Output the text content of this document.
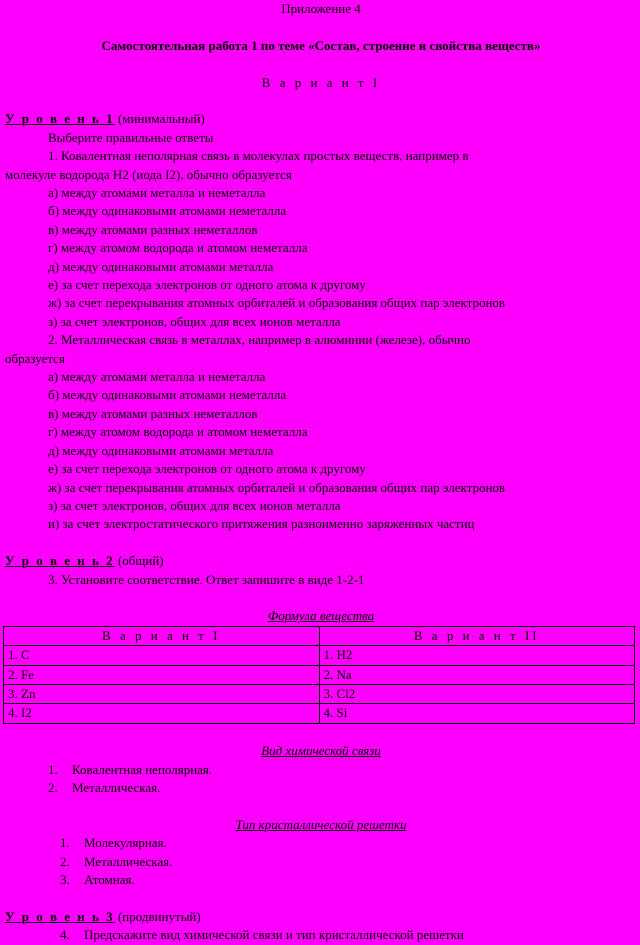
Приложение 4
Самостоятельная работа 1 по теме «Состав, строение и свойства веществ»
В а р и а н т I
У р о в е н ь 1 (минимальный)
Выберите правильные ответы
1. Ковалентная неполярная связь в молекулах простых веществ, например в
молекуле водорода Н2 (иода I2), обычно образуется
а) между атомами металла и неметалла
б) между одинаковыми атомами неметалла
в) между атомами разных неметаллов
г) между атомом водорода и атомом неметалла
д) между одинаковыми атомами металла
е) за счет перехода электронов от одного атома к другому
ж) за счет перекрывания атомных орбиталей и образования общих пар электронов
з) за счет электронов, общих для всех ионов металла
2. Металлическая связь в металлах, например в алюминии (железе), обычно
образуется
а) между атомами металла и неметалла
б) между одинаковыми атомами неметалла
в) между атомами разных неметаллов
г) между атомом водорода и атомом неметалла
д) между одинаковыми атомами металла
е) за счет перехода электронов от одного атома к другому
ж) за счет перекрывания атомных орбиталей и образования общих пар электронов
з) за счет электронов, общих для всех ионов металла
и) за счет электростатического притяжения разноименно заряженных частиц
У р о в е н ь 2 (общий)
3. Установите соответствие. Ответ запишите в виде 1-2-1
Формула вещества
В а р и а н т I	В а р и а н т II
1. C	1. H2
2. Fe	2. Na
3. Zn	3. Cl2
4. I2	4. Si
Вид химической связи
1. Ковалентная неполярная.
2. Металлическая.
Тип кристаллической решетки
1. Молекулярная.
2. Металлическая.
3. Атомная.
У р о в е н ь 3 (продвинутый)
4. Предскажите вид химической связи и тип кристаллической решетки
